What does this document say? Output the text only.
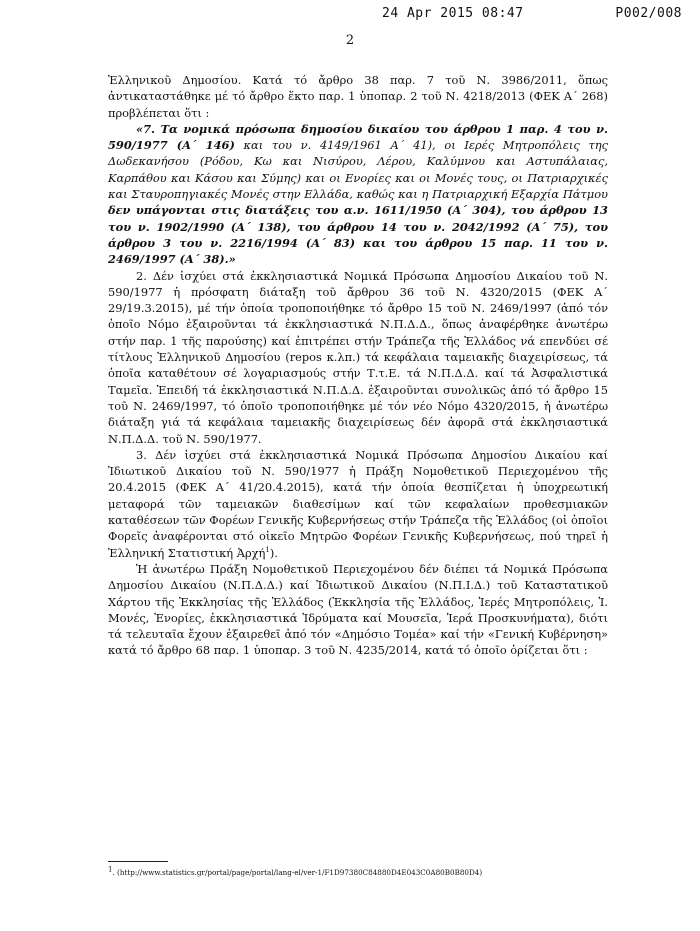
24 Apr 2015 08:47	P002/008
2

Ἑλληνικοῦ Δημοσίου. Κατά τό ἄρθρο 38 παρ. 7 τοῦ Ν. 3986/2011, ὅπως ἀντικαταστάθηκε μέ τό ἄρθρο ἕκτο παρ. 1 ὑποπαρ. 2 τοῦ Ν. 4218/2013 (ΦΕΚ Α΄ 268) προβλέπεται ὅτι :

«7. Τα νομικά πρόσωπα δημοσίου δικαίου του άρθρου 1 παρ. 4 του ν. 590/1977 (Α΄ 146) και του ν. 4149/1961 Α΄ 41), οι Ιερές Μητροπόλεις της Δωδεκανήσου (Ρόδου, Κω και Νισύρου, Λέρου, Καλύμνου και Αστυπάλαιας, Καρπάθου και Κάσου και Σύμης) και οι Ενορίες και οι Μονές τους, οι Πατριαρχικές και Σταυροπηγιακές Μονές στην Ελλάδα, καθώς και η Πατριαρχική Εξαρχία Πάτμου δεν υπάγονται στις διατάξεις του α.ν. 1611/1950 (Α΄ 304), του άρθρου 13 του ν. 1902/1990 (Α΄ 138), του άρθρου 14 του ν. 2042/1992 (Α΄ 75), του άρθρου 3 του ν. 2216/1994 (Α΄ 83) και του άρθρου 15 παρ. 11 του ν. 2469/1997 (Α΄ 38).»

2. Δέν ἰσχύει στά ἐκκλησιαστικά Νομικά Πρόσωπα Δημοσίου Δικαίου τοῦ Ν. 590/1977 ἡ πρόσφατη διάταξη τοῦ ἄρθρου 36 τοῦ Ν. 4320/2015 (ΦΕΚ Α΄ 29/19.3.2015), μέ τήν ὁποία τροποποιήθηκε τό ἄρθρο 15 τοῦ Ν. 2469/1997 (ἀπό τόν ὁποῖο Νόμο ἐξαιροῦνται τά ἐκκλησιαστικά Ν.Π.Δ.Δ., ὅπως ἀναφέρθηκε ἀνωτέρω στήν παρ. 1 τῆς παρούσης) καί ἐπιτρέπει στήν Τράπεζα τῆς Ἑλλάδος νά επενδύει σέ τίτλους Ἑλληνικοῦ Δημοσίου (repos κ.λπ.) τά κεφάλαια ταμειακῆς διαχειρίσεως, τά ὁποῖα καταθέτουν σέ λογαριασμούς στήν Τ.τ.Ε. τά Ν.Π.Δ.Δ. καί τά Ἀσφαλιστικά Ταμεῖα. Ἐπειδή τά ἐκκλησιαστικά Ν.Π.Δ.Δ. ἐξαιροῦνται συνολικῶς ἀπό τό ἄρθρο 15 τοῦ Ν. 2469/1997, τό ὁποῖο τροποποιήθηκε μέ τόν νέο Νόμο 4320/2015, ἡ ἀνωτέρω διάταξη γιά τά κεφάλαια ταμειακῆς διαχειρίσεως δέν ἀφορᾶ στά ἐκκλησιαστικά Ν.Π.Δ.Δ. τοῦ Ν. 590/1977.

3. Δέν ἰσχύει στά ἐκκλησιαστικά Νομικά Πρόσωπα Δημοσίου Δικαίου καί Ἰδιωτικοῦ Δικαίου τοῦ Ν. 590/1977 ἡ Πράξη Νομοθετικοῦ Περιεχομένου τῆς 20.4.2015 (ΦΕΚ Α΄ 41/20.4.2015), κατά τήν ὁποία θεσπίζεται ἡ ὑποχρεωτική μεταφορά τῶν ταμειακῶν διαθεσίμων καί τῶν κεφαλαίων προθεσμιακῶν καταθέσεων τῶν Φορέων Γενικῆς Κυβερνήσεως στήν Τράπεζα τῆς Ἑλλάδος (οἱ ὁποῖοι Φορεῖς ἀναφέρονται στό οἰκεῖο Μητρῶο Φορέων Γενικῆς Κυβερνήσεως, πού τηρεῖ ἡ Ἑλληνική Στατιστική Ἀρχή$^1$).

Ἡ ἀνωτέρω Πράξη Νομοθετικοῦ Περιεχομένου δέν διέπει τά Νομικά Πρόσωπα Δημοσίου Δικαίου (Ν.Π.Δ.Δ.) καί Ἰδιωτικοῦ Δικαίου (Ν.Π.Ι.Δ.) τοῦ Καταστατικοῦ Χάρτου τῆς Ἐκκλησίας τῆς Ἑλλάδος (Ἐκκλησία τῆς Ἑλλάδος, Ἱερές Μητροπόλεις, Ἱ. Μονές, Ἐνορίες, ἐκκλησιαστικά Ἱδρύματα καί Μουσεῖα, Ἱερά Προσκυνήματα), διότι τά τελευταῖα ἔχουν ἐξαιρεθεῖ ἀπό τόν «Δημόσιο Τομέα» καί τήν «Γενική Κυβέρνηση» κατά τό ἄρθρο 68 παρ. 1 ὑποπαρ. 3 τοῦ Ν. 4235/2014, κατά τό ὁποῖο ὁρίζεται ὅτι :

$^1$. (http://www.statistics.gr/portal/page/portal/lang-el/ver-1/F1D97380C84880D4E043C0A80B0B80D4)
